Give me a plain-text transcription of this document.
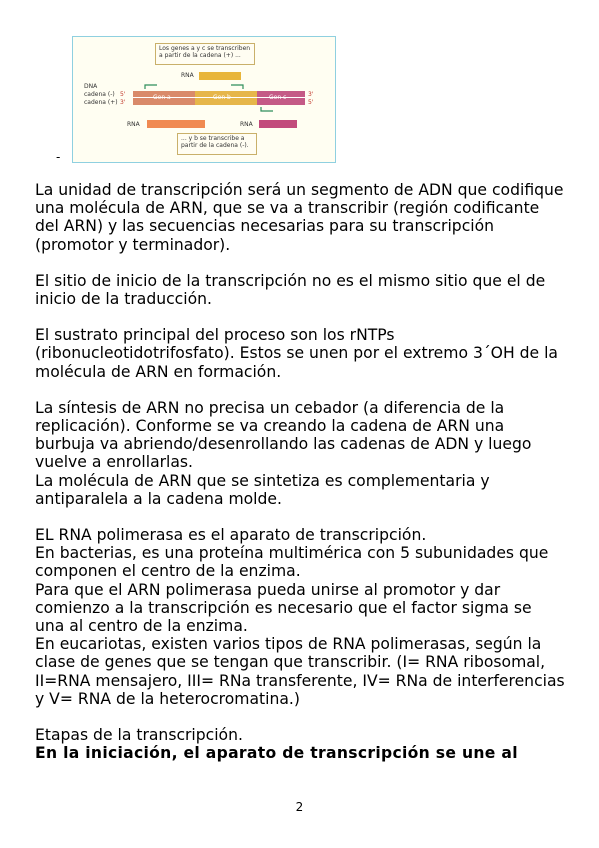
Los genes a y c se transcriben a partir de la cadena (+) ...
RNA
DNA
cadena (-) 5'
cadena (+) 3'
3'
5'
RNA	RNA
... y b se transcribe a partir de la cadena (-).
-

La unidad de transcripción será un segmento de ADN que codifique una molécula de ARN, que se va a transcribir (región codificante del ARN) y las secuencias necesarias para su transcripción (promotor y terminador).

El sitio de inicio de la transcripción no es el mismo sitio que el de inicio de la traducción.

El sustrato principal del proceso son los rNTPs (ribonucleotidotrifosfato). Estos se unen por el extremo 3´OH de la molécula de ARN en formación.

La síntesis de ARN no precisa un cebador (a diferencia de la replicación). Conforme se va creando la cadena de ARN una burbuja va abriendo/desenrollando las cadenas de ADN y luego vuelve a enrollarlas.

La molécula de ARN que se sintetiza es complementaria y antiparalela a la cadena molde.

EL RNA polimerasa es el aparato de transcripción.

En bacterias, es una proteína multimérica con 5 subunidades que componen el centro de la enzima.

Para que el ARN polimerasa pueda unirse al promotor y dar comienzo a la transcripción es necesario que el factor sigma se una al centro de la enzima.

En eucariotas, existen varios tipos de RNA polimerasas, según la clase de genes que se tengan que transcribir. (I= RNA ribosomal, II=RNA mensajero, III= RNa transferente, IV= RNa de interferencias y V= RNA de la heterocromatina.)

Etapas de la transcripción.

En la iniciación, el aparato de transcripción se une al

2
